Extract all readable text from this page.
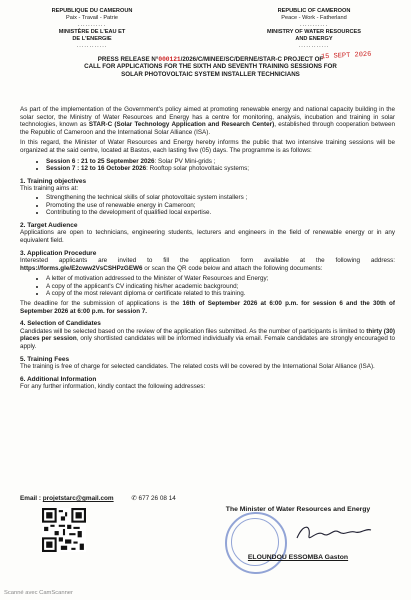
REPUBLIQUE DU CAMEROUN
Paix - Travail - Patrie
...........
MINISTÈRE DE L'EAU ET
DE L'ENERGIE
............
REPUBLIC OF CAMEROON
Peace - Work - Fatherland
...........
MINISTRY OF WATER RESOURCES
AND ENERGY
............
15 SEPT 2026
PRESS RELEASE N°000121/2026/C/MINEE/SC/DERNE/STAR-C PROJECT OF
CALL FOR APPLICATIONS FOR THE SIXTH AND SEVENTH TRAINING SESSIONS FOR
SOLAR PHOTOVOLTAIC SYSTEM INSTALLER TECHNICIANS

As part of the implementation of the Government's policy aimed at promoting renewable energy and national capacity building in the solar sector, the Ministry of Water Resources and Energy has a centre for monitoring, analysis, incubation and training in solar technologies, known as STAR-C (Solar Technology Application and Research Center), established through cooperation between the Republic of Cameroon and the International Solar Alliance (ISA).

In this regard, the Minister of Water Resources and Energy hereby informs the public that two intensive training sessions will be organized at the said centre, located at Bastos, each lasting five (05) days. The programme is as follows:

• Session 6 : 21 to 25 September 2026: Solar PV Mini-grids ;
• Session 7 : 12 to 16 October 2026: Rooftop solar photovoltaic systems;
1. Training objectives
This training aims at:
• Strengthening the technical skills of solar photovoltaic system installers ;
• Promoting the use of renewable energy in Cameroon;
• Contributing to the development of qualified local expertise.
2. Target Audience

Applications are open to technicians, engineering students, lecturers and engineers in the field of renewable energy or in any equivalent field.

3. Application Procedure

Interested applicants are invited to fill the application form available at the following address: https://forms.gle/E2cww2VsCSHPzGEW6 or scan the QR code below and attach the following documents:

• A letter of motivation addressed to the Minister of Water Resources and Energy;
• A copy of the applicant's CV indicating his/her academic background;
• A copy of the most relevant diploma or certificate related to this training.

The deadline for the submission of applications is the 16th of September 2026 at 6:00 p.m. for session 6 and the 30th of September 2026 at 6:00 p.m. for session 7.

4. Selection of Candidates

Candidates will be selected based on the review of the application files submitted. As the number of participants is limited to thirty (30) places per session, only shortlisted candidates will be informed individually via email. Female candidates are strongly encouraged to apply.

5. Training Fees

The training is free of charge for selected candidates. The related costs will be covered by the International Solar Alliance (ISA).

6. Additional Information

For any further information, kindly contact the following addresses:

Email : projetstarc@gmail.com	✆ 677 26 08 14
The Minister of Water Resources and Energy
ELOUNDOU ESSOMBA Gaston
Scanné avec CamScanner
